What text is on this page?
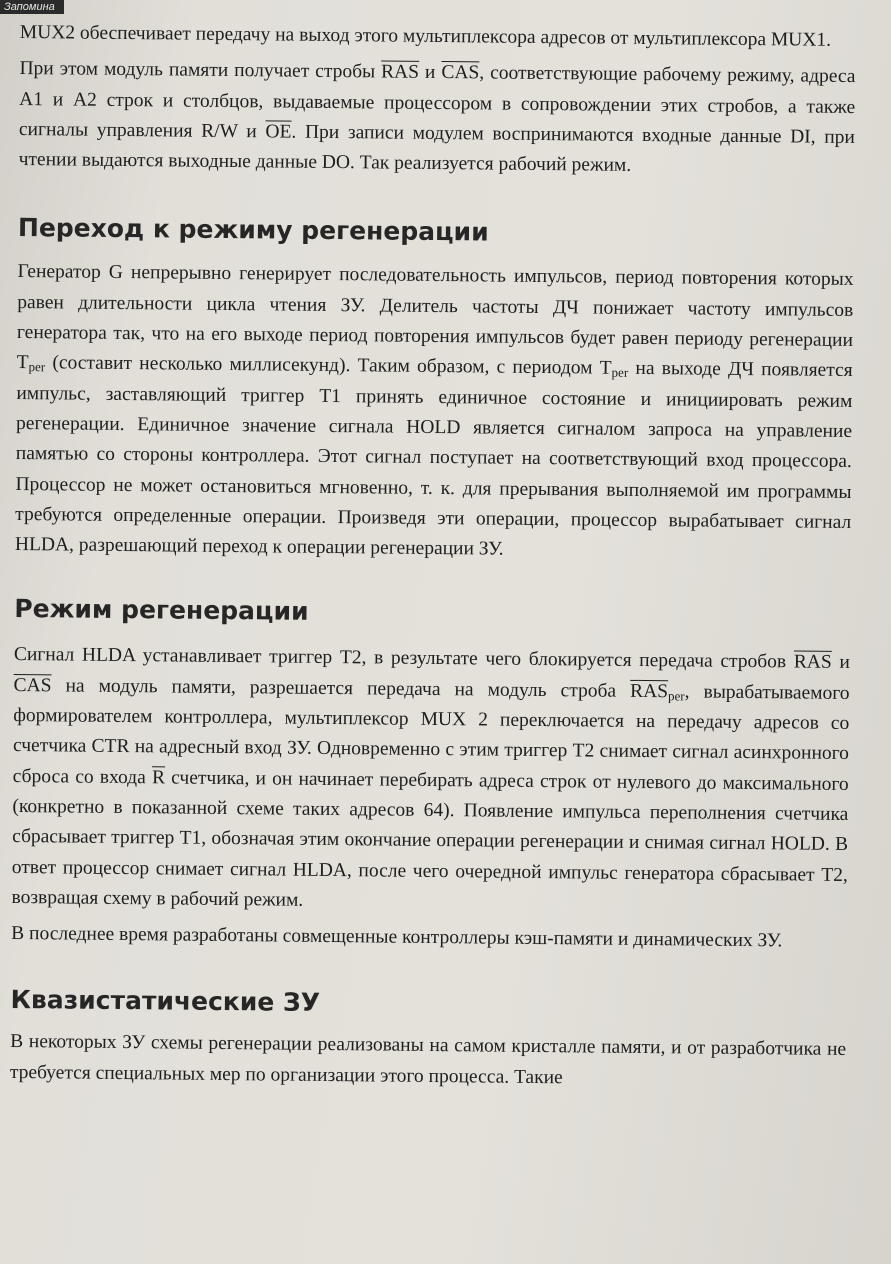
Запомина

MUX2 обеспечивает передачу на выход этого мультиплексора адресов от мультиплексора MUX1.

При этом модуль памяти получает стробы $\overline{RAS}$ и $\overline{CAS}$, соответствующие рабочему режиму, адреса A1 и A2 строк и столбцов, выдаваемые процессором в сопровождении этих стробов, а также сигналы управления R/W и $\overline{OE}$. При записи модулем воспринимаются входные данные DI, при чтении выдаются выходные данные DO. Так реализуется рабочий режим.

Переход к режиму регенерации

Генератор G непрерывно генерирует последовательность импульсов, период повторения которых равен длительности цикла чтения ЗУ. Делитель частоты ДЧ понижает частоту импульсов генератора так, что на его выходе период повторения импульсов будет равен периоду регенерации $T_{per}$ (составит несколько миллисекунд). Таким образом, с периодом $T_{per}$ на выходе ДЧ появляется импульс, заставляющий триггер T1 принять единичное состояние и инициировать режим регенерации. Единичное значение сигнала HOLD является сигналом запроса на управление памятью со стороны контроллера. Этот сигнал поступает на соответствующий вход процессора. Процессор не может остановиться мгновенно, т. к. для прерывания выполняемой им программы требуются определенные операции. Произведя эти операции, процессор вырабатывает сигнал HLDA, разрешающий переход к операции регенерации ЗУ.

Режим регенерации

Сигнал HLDA устанавливает триггер T2, в результате чего блокируется передача стробов $\overline{RAS}$ и $\overline{CAS}$ на модуль памяти, разрешается передача на модуль строба $\overline{RAS}_{per}$, вырабатываемого формирователем контроллера, мультиплексор MUX 2 переключается на передачу адресов со счетчика CTR на адресный вход ЗУ. Одновременно с этим триггер T2 снимает сигнал асинхронного сброса со входа $\overline{R}$ счетчика, и он начинает перебирать адреса строк от нулевого до максимального (конкретно в показанной схеме таких адресов 64). Появление импульса переполнения счетчика сбрасывает триггер T1, обозначая этим окончание операции регенерации и снимая сигнал HOLD. В ответ процессор снимает сигнал HLDA, после чего очередной импульс генератора сбрасывает T2, возвращая схему в рабочий режим.

В последнее время разработаны совмещенные контроллеры кэш-памяти и динамических ЗУ.

Квазистатические ЗУ

В некоторых ЗУ схемы регенерации реализованы на самом кристалле памяти, и от разработчика не требуется специальных мер по организации этого процесса. Такие
